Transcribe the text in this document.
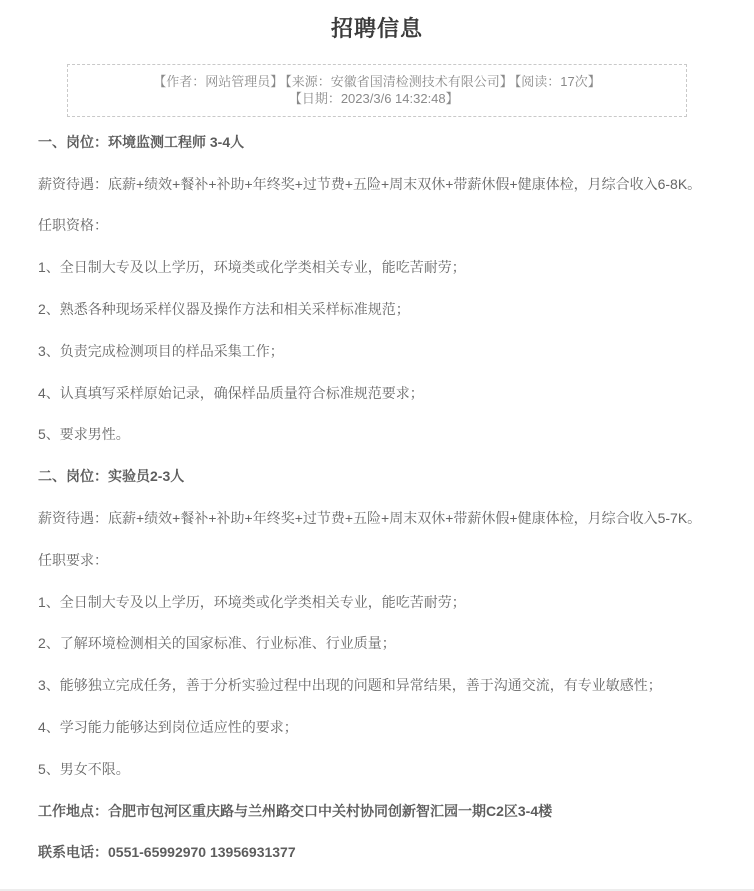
招聘信息
【作者：网站管理员】 【来源：安徽省国清检测技术有限公司】 【阅读：17次】【日期：2023/3/6 14:32:48】

一、岗位：环境监测工程师 3-4人

薪资待遇：底薪+绩效+餐补+补助+年终奖+过节费+五险+周末双休+带薪休假+健康体检，月综合收入6-8K。

任职资格：

1、全日制大专及以上学历，环境类或化学类相关专业，能吃苦耐劳；

2、熟悉各种现场采样仪器及操作方法和相关采样标准规范；

3、负责完成检测项目的样品采集工作；

4、认真填写采样原始记录，确保样品质量符合标准规范要求；

5、要求男性。

二、岗位：实验员2-3人

薪资待遇：底薪+绩效+餐补+补助+年终奖+过节费+五险+周末双休+带薪休假+健康体检，月综合收入5-7K。

任职要求：

1、全日制大专及以上学历，环境类或化学类相关专业，能吃苦耐劳；

2、了解环境检测相关的国家标准、行业标准、行业质量；

3、能够独立完成任务，善于分析实验过程中出现的问题和异常结果，善于沟通交流，有专业敏感性；

4、学习能力能够达到岗位适应性的要求；

5、男女不限。

工作地点：合肥市包河区重庆路与兰州路交口中关村协同创新智汇园一期C2区3-4楼

联系电话：0551-65992970 13956931377
